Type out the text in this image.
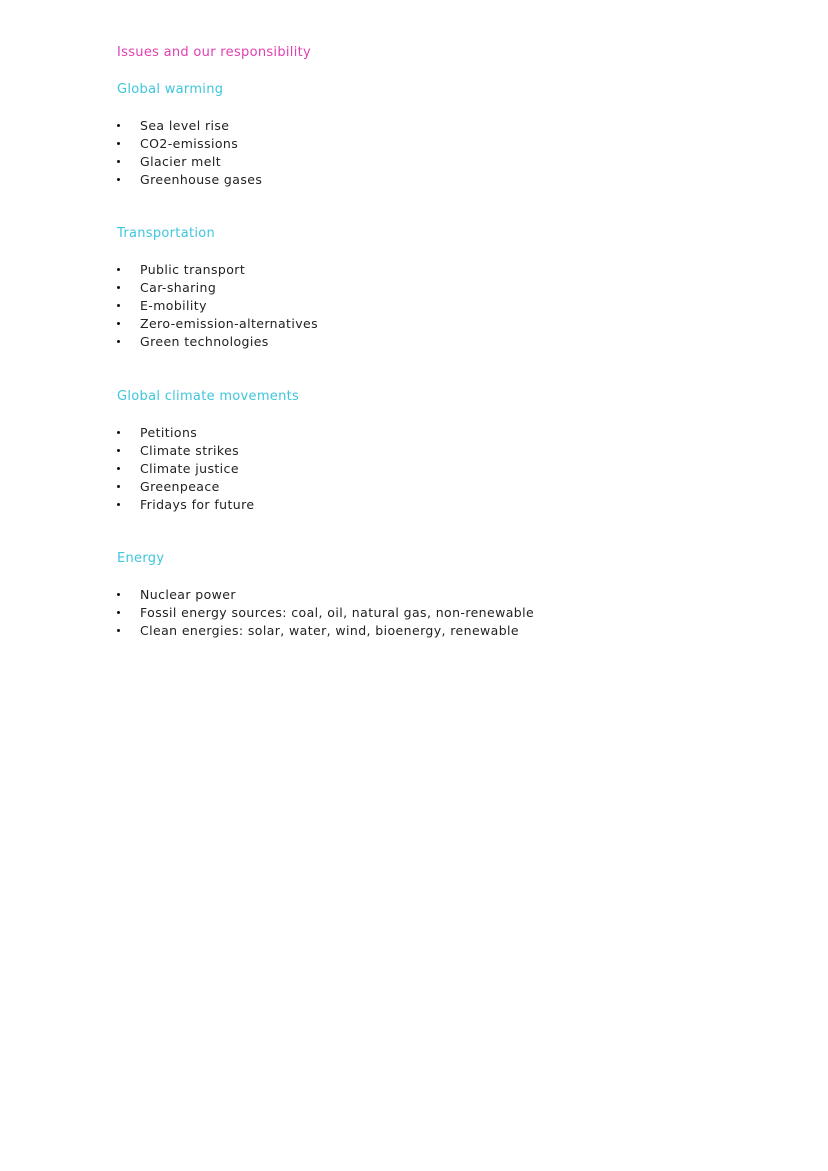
Issues and our responsibility
Global warming
Sea level rise
CO2-emissions
Glacier melt
Greenhouse gases
Transportation
Public transport
Car-sharing
E-mobility
Zero-emission-alternatives
Green technologies
Global climate movements
Petitions
Climate strikes
Climate justice
Greenpeace
Fridays for future
Energy
Nuclear power
Fossil energy sources: coal, oil, natural gas, non-renewable
Clean energies: solar, water, wind, bioenergy, renewable
